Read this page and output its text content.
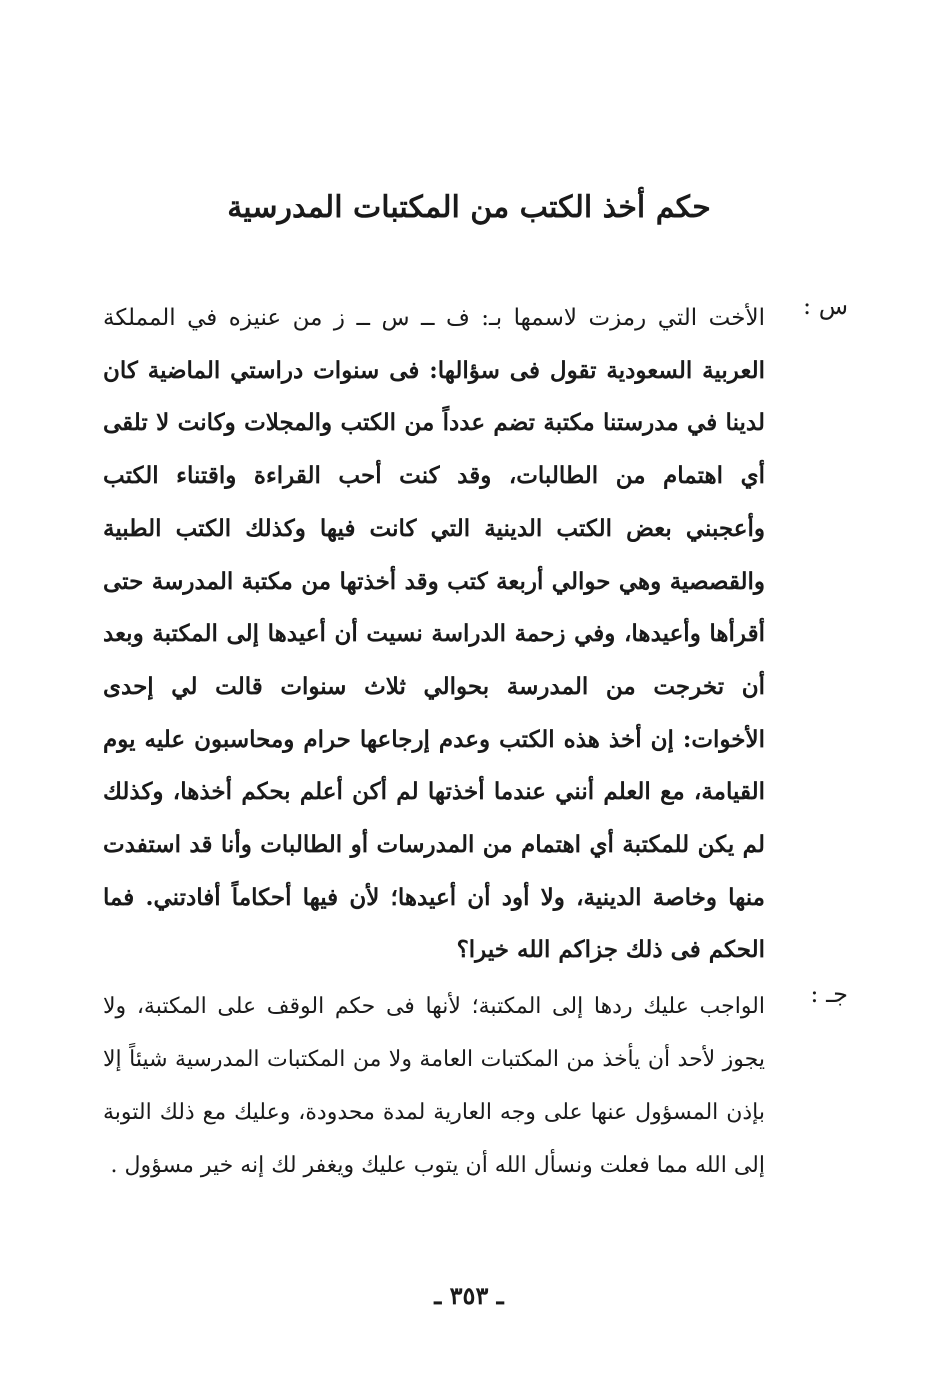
حكم أخذ الكتب من المكتبات المدرسية
س :

الأخت التي رمزت لاسمها بـ: ف ــ س ــ ز من عنيزه في المملكة العربية السعودية تقول فى سؤالها: فى سنوات دراستي الماضية كان لدينا في مدرستنا مكتبة تضم عدداً من الكتب والمجلات وكانت لا تلقى أي اهتمام من الطالبات، وقد كنت أحب القراءة واقتناء الكتب وأعجبني بعض الكتب الدينية التي كانت فيها وكذلك الكتب الطبية والقصصية وهي حوالي أربعة كتب وقد أخذتها من مكتبة المدرسة حتى أقرأها وأعيدها، وفي زحمة الدراسة نسيت أن أعيدها إلى المكتبة وبعد أن تخرجت من المدرسة بحوالي ثلاث سنوات قالت لي إحدى الأخوات: إن أخذ هذه الكتب وعدم إرجاعها حرام ومحاسبون عليه يوم القيامة، مع العلم أنني عندما أخذتها لم أكن أعلم بحكم أخذها، وكذلك لم يكن للمكتبة أي اهتمام من المدرسات أو الطالبات وأنا قد استفدت منها وخاصة الدينية، ولا أود أن أعيدها؛ لأن فيها أحكاماً أفادتني. فما الحكم فى ذلك جزاكم الله خيرا؟

جـ :

الواجب عليك ردها إلى المكتبة؛ لأنها فى حكم الوقف على المكتبة، ولا يجوز لأحد أن يأخذ من المكتبات العامة ولا من المكتبات المدرسية شيئاً إلا بإذن المسؤول عنها على وجه العارية لمدة محدودة، وعليك مع ذلك التوبة إلى الله مما فعلت ونسأل الله أن يتوب عليك ويغفر لك إنه خير مسؤول .

ـ ٣٥٣ ـ
